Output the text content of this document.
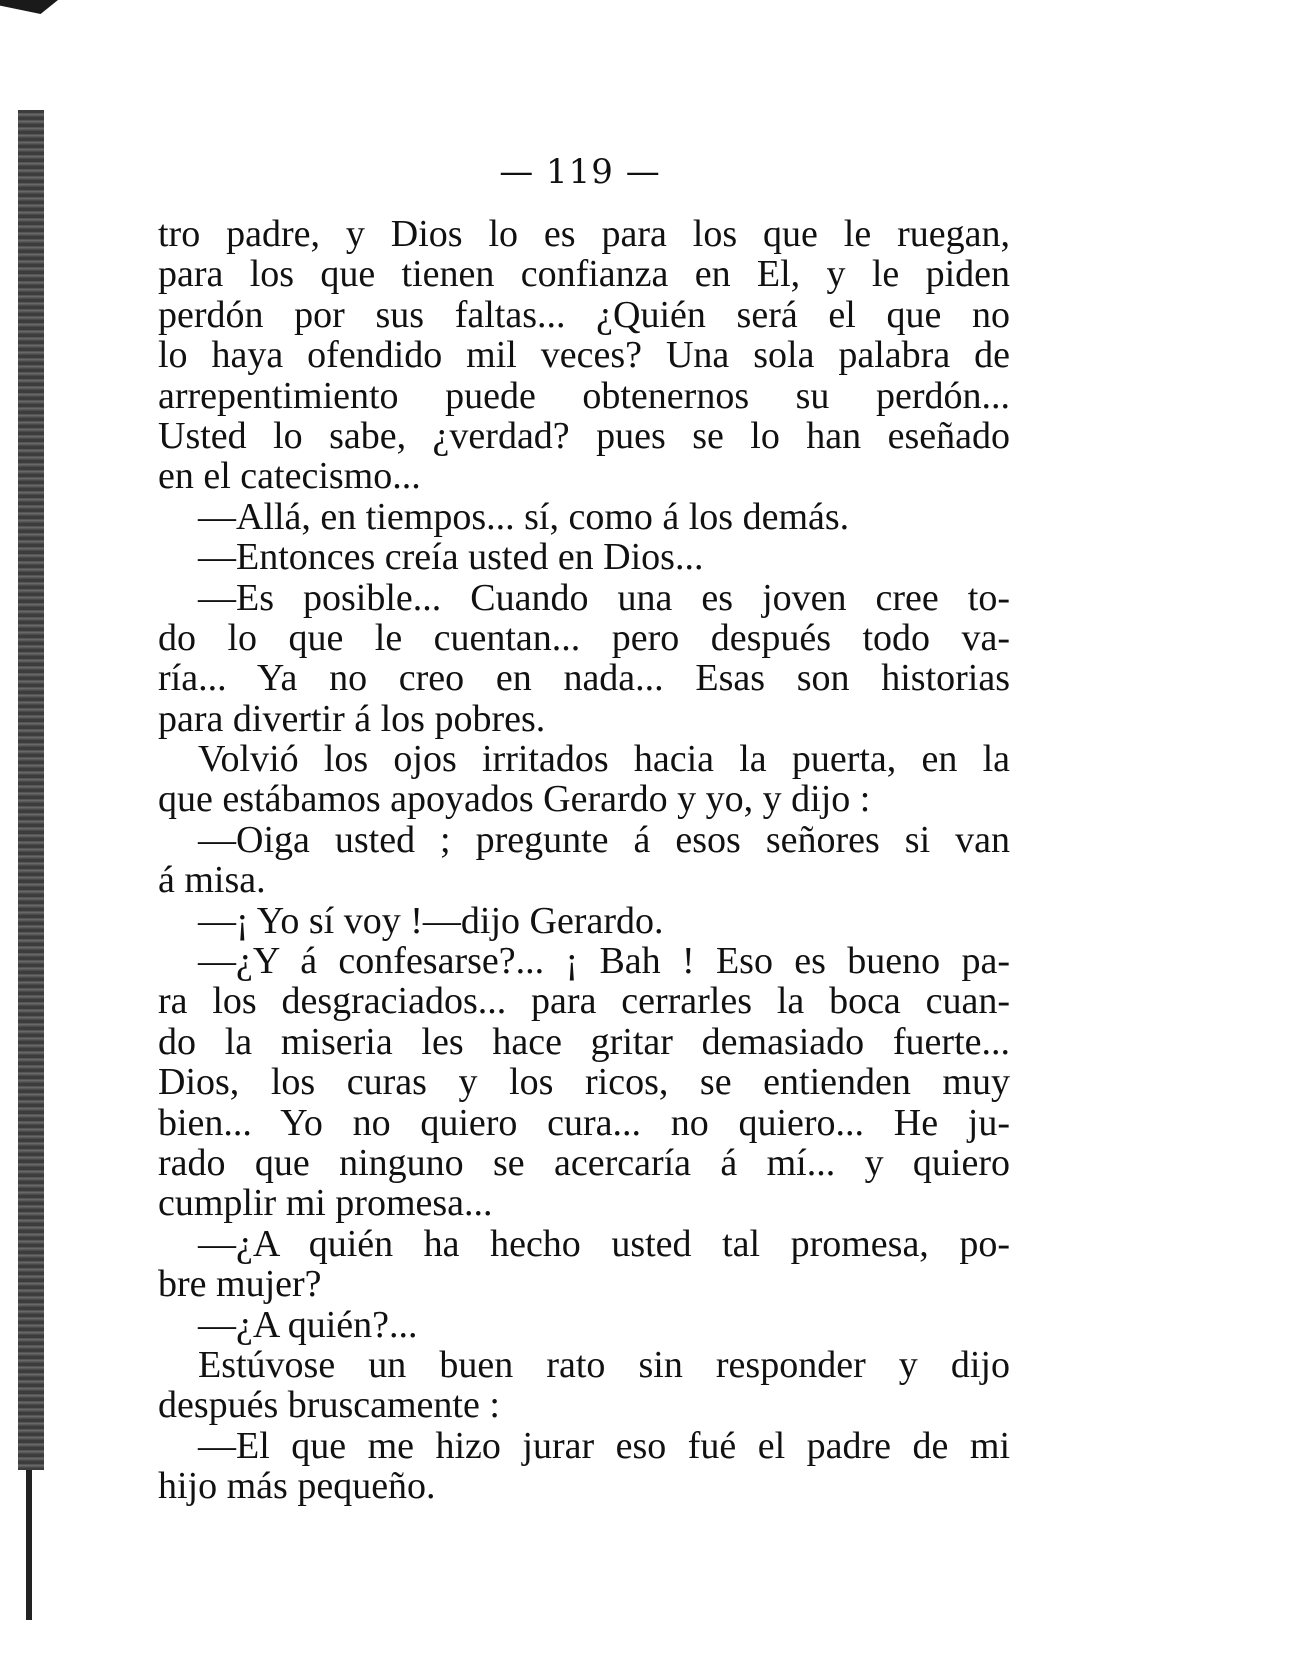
— 119 —
tro padre, y Dios lo es para los que le ruegan,
para los que tienen confianza en El, y le piden
perdón por sus faltas... ¿Quién será el que no
lo haya ofendido mil veces? Una sola palabra de
arrepentimiento puede obtenernos su perdón...
Usted lo sabe, ¿verdad? pues se lo han eseñado
en el catecismo...
—Allá, en tiempos... sí, como á los demás.
—Entonces creía usted en Dios...
—Es posible... Cuando una es joven cree to-
do lo que le cuentan... pero después todo va-
ría... Ya no creo en nada... Esas son historias
para divertir á los pobres.
Volvió los ojos irritados hacia la puerta, en la
que estábamos apoyados Gerardo y yo, y dijo :
—Oiga usted ; pregunte á esos señores si van
á misa.
—¡ Yo sí voy !—dijo Gerardo.
—¿Y á confesarse?... ¡ Bah ! Eso es bueno pa-
ra los desgraciados... para cerrarles la boca cuan-
do la miseria les hace gritar demasiado fuerte...
Dios, los curas y los ricos, se entienden muy
bien... Yo no quiero cura... no quiero... He ju-
rado que ninguno se acercaría á mí... y quiero
cumplir mi promesa...
—¿A quién ha hecho usted tal promesa, po-
bre mujer?
—¿A quién?...
Estúvose un buen rato sin responder y dijo
después bruscamente :
—El que me hizo jurar eso fué el padre de mi
hijo más pequeño.
